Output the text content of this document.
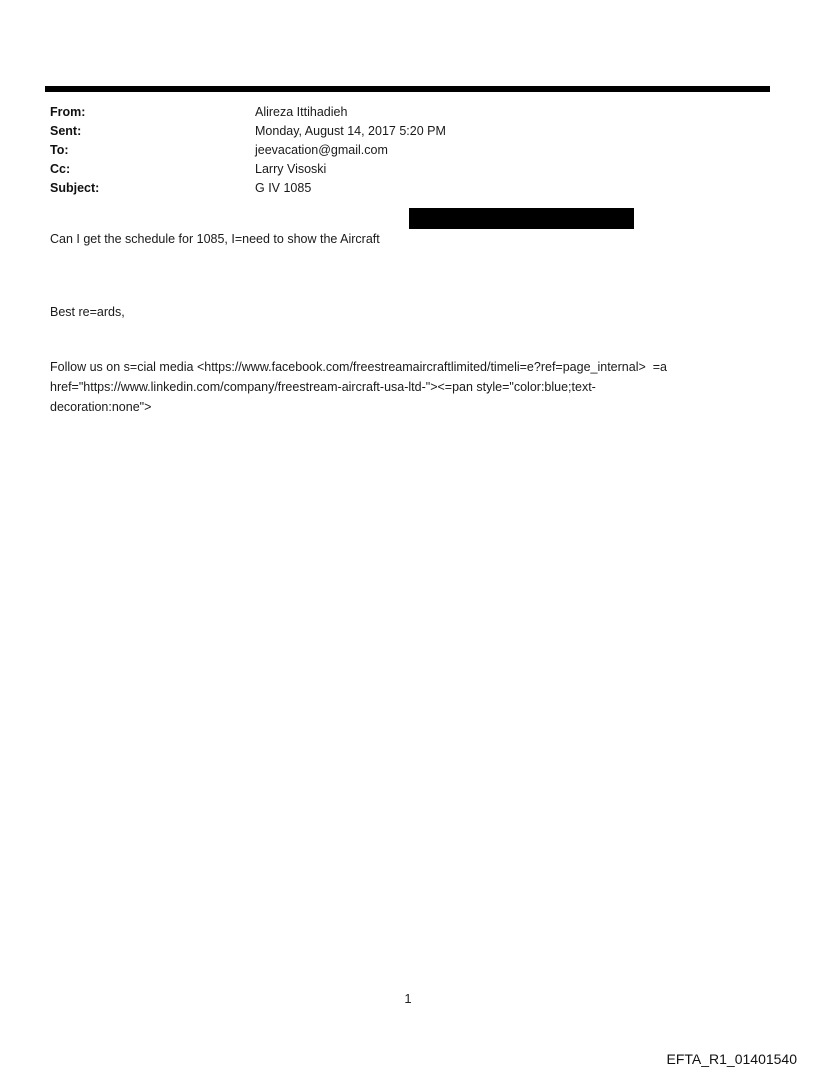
From:	Alireza Ittihadieh
Sent:	Monday, August 14, 2017 5:20 PM
To:	jeevacation@gmail.com
Cc:	Larry Visoski
Subject:	G IV 1085
Can I get the schedule for 1085, I=need to show the Aircraft
Best re=ards,
Follow us on s=cial media <https://www.facebook.com/freestreamaircraftlimited/timeli=e?ref=page_internal>  =a
href="https://www.linkedin.com/company/freestream-aircraft-usa-ltd-"><=pan style="color:blue;text-
decoration:none">
1
EFTA_R1_01401540
